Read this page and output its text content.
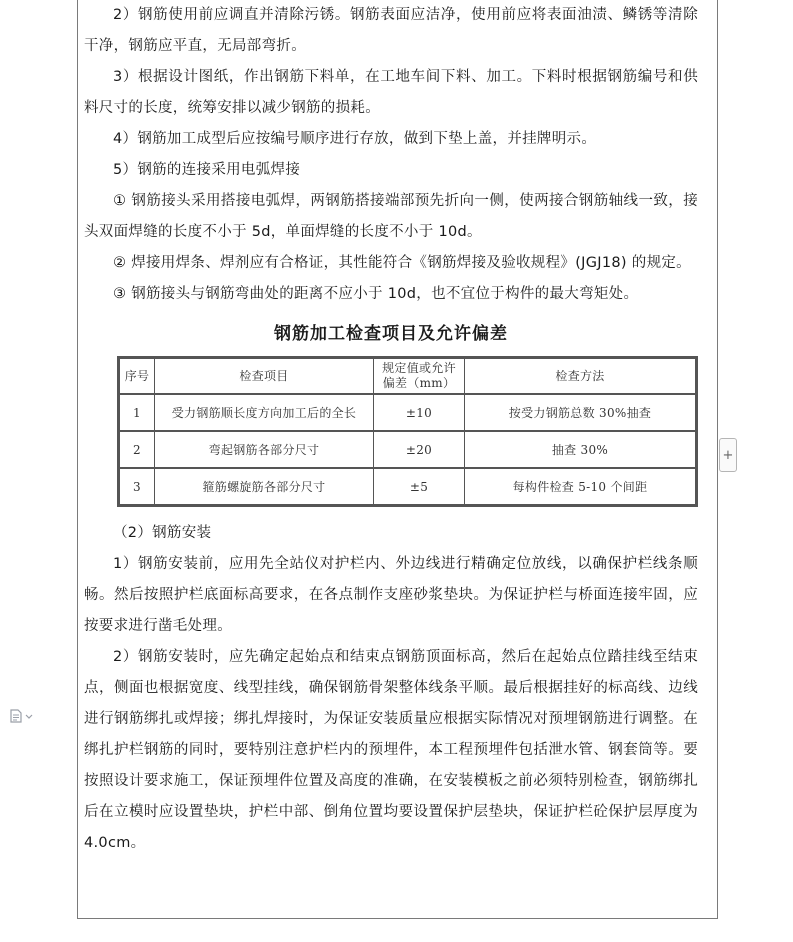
2）钢筋使用前应调直并清除污锈。钢筋表面应洁净，使用前应将表面油渍、鳞锈等清除干净，钢筋应平直，无局部弯折。

3）根据设计图纸，作出钢筋下料单，在工地车间下料、加工。下料时根据钢筋编号和供料尺寸的长度，统筹安排以减少钢筋的损耗。

4）钢筋加工成型后应按编号顺序进行存放，做到下垫上盖，并挂牌明示。

5）钢筋的连接采用电弧焊接

① 钢筋接头采用搭接电弧焊，两钢筋搭接端部预先折向一侧，使两接合钢筋轴线一致，接头双面焊缝的长度不小于 5d，单面焊缝的长度不小于 10d。

② 焊接用焊条、焊剂应有合格证，其性能符合《钢筋焊接及验收规程》(JGJ18) 的规定。

③ 钢筋接头与钢筋弯曲处的距离不应小于 10d，也不宜位于构件的最大弯矩处。

钢筋加工检查项目及允许偏差
序号	检查项目	规定值或允许偏差（mm）	检查方法
1	受力钢筋顺长度方向加工后的全长	±10	按受力钢筋总数 30%抽查
2	弯起钢筋各部分尺寸	±20	抽查 30%
3	箍筋螺旋筋各部分尺寸	±5	每构件检查 5-10 个间距

（2）钢筋安装

1）钢筋安装前，应用先全站仪对护栏内、外边线进行精确定位放线，以确保护栏线条顺畅。然后按照护栏底面标高要求，在各点制作支座砂浆垫块。为保证护栏与桥面连接牢固，应按要求进行凿毛处理。

2）钢筋安装时，应先确定起始点和结束点钢筋顶面标高，然后在起始点位踏挂线至结束点，侧面也根据宽度、线型挂线，确保钢筋骨架整体线条平顺。最后根据挂好的标高线、边线进行钢筋绑扎或焊接；绑扎焊接时，为保证安装质量应根据实际情况对预埋钢筋进行调整。在绑扎护栏钢筋的同时，要特别注意护栏内的预埋件，本工程预埋件包括泄水管、钢套筒等。要按照设计要求施工，保证预埋件位置及高度的准确，在安装模板之前必须特别检查，钢筋绑扎后在立模时应设置垫块，护栏中部、倒角位置均要设置保护层垫块，保证护栏砼保护层厚度为 4.0cm。

+
